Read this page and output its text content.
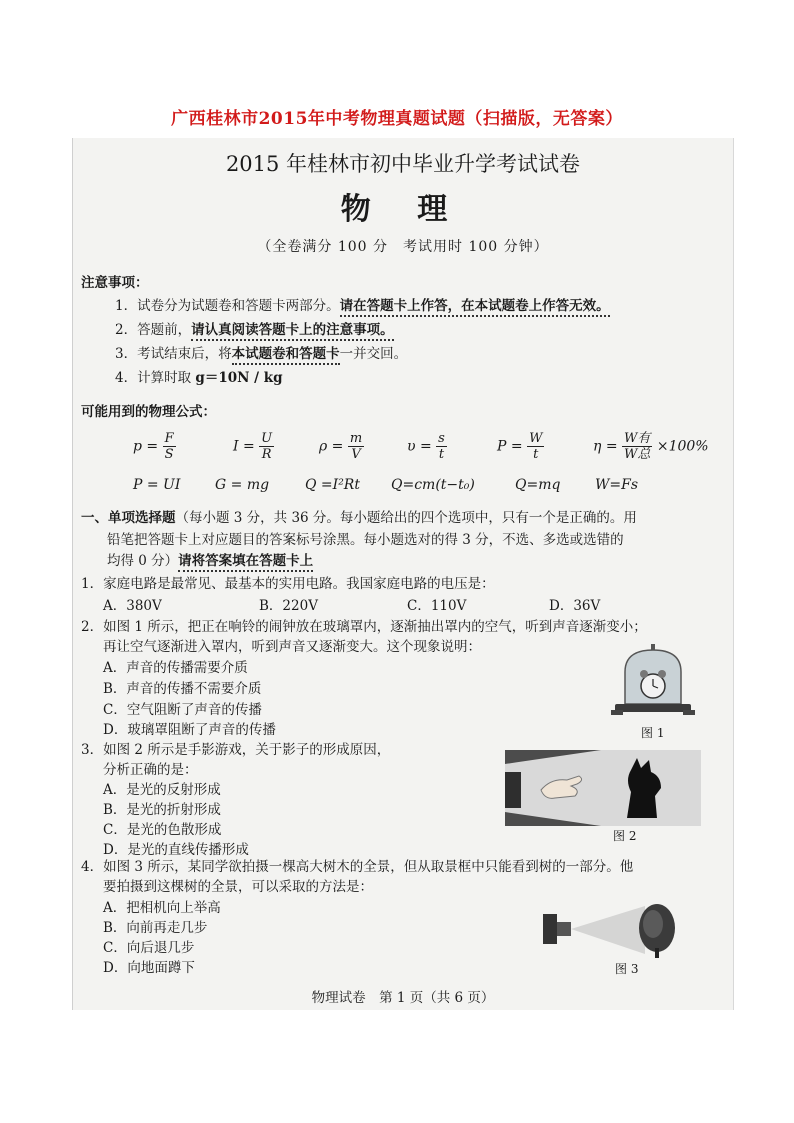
广西桂林市2015年中考物理真题试题（扫描版，无答案）
2015 年桂林市初中毕业升学考试试卷
物 理
（全卷满分 100 分　考试用时 100 分钟）
注意事项：
1．试卷分为试题卷和答题卡两部分。请在答题卡上作答，在本试题卷上作答无效。
2．答题前，请认真阅读答题卡上的注意事项。
3．考试结束后，将本试题卷和答题卡一并交回。
4．计算时取 g＝10N / kg
可能用到的物理公式：
$p = \frac{F}{S}$	$I = \frac{U}{R}$	$\rho = \frac{m}{V}$	$\upsilon = \frac{s}{t}$	$P = \frac{W}{t}$	$\eta = \frac{\text{W有}}{\text{W总}} \times 100\%$
P = UI G = mg	Q =I²Rt Q=cm(t−t₀)	Q=mq W=Fs
一、单项选择题（每小题 3 分，共 36 分。每小题给出的四个选项中，只有一个是正确的。用
铅笔把答题卡上对应题目的答案标号涂黑。每小题选对的得 3 分，不选、多选或选错的
均得 0 分）请将答案填在答题卡上
1．家庭电路是最常见、最基本的实用电路。我国家庭电路的电压是：
A．380V	B．220V	C．110V	D．36V
2．如图 1 所示，把正在响铃的闹钟放在玻璃罩内，逐渐抽出罩内的空气，听到声音逐渐变小；
再让空气逐渐进入罩内，听到声音又逐渐变大。这个现象说明：
A．声音的传播需要介质
B．声音的传播不需要介质
C．空气阻断了声音的传播
D．玻璃罩阻断了声音的传播	图 1
3．如图 2 所示是手影游戏，关于影子的形成原因，
分析正确的是：
A．是光的反射形成
B．是光的折射形成
C．是光的色散形成
D．是光的直线传播形成
图 2
4．如图 3 所示，某同学欲拍摄一棵高大树木的全景，但从取景框中只能看到树的一部分。他
要拍摄到这棵树的全景，可以采取的方法是：
A．把相机向上举高
B．向前再走几步
C．向后退几步
D．向地面蹲下	图 3
物理试卷　第 1 页（共 6 页）
